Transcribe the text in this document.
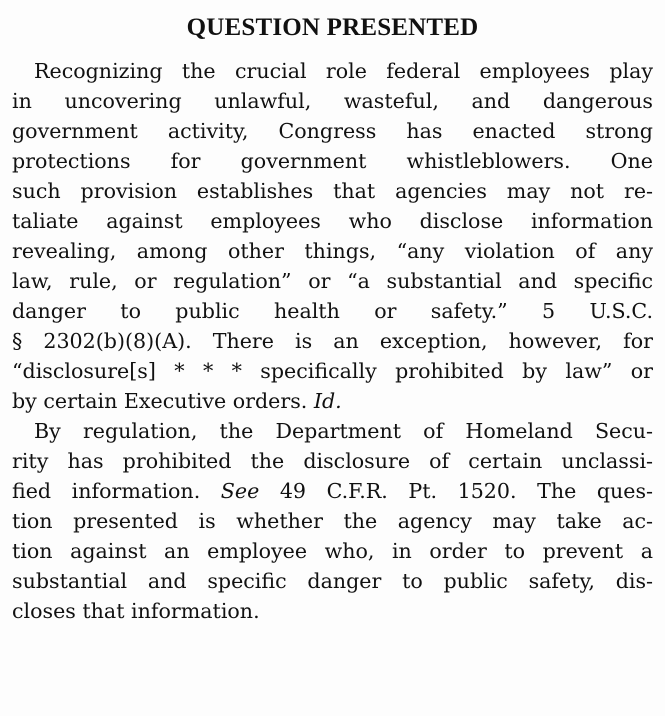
QUESTION PRESENTED
Recognizing the crucial role federal employees play
in uncovering unlawful, wasteful, and dangerous
government activity, Congress has enacted strong
protections for government whistleblowers. One
such provision establishes that agencies may not re-
taliate against employees who disclose information
revealing, among other things, “any violation of any
law, rule, or regulation” or “a substantial and specific
danger to public health or safety.” 5 U.S.C.
§ 2302(b)(8)(A). There is an exception, however, for
“disclosure[s] * * * specifically prohibited by law” or
by certain Executive orders. Id.
By regulation, the Department of Homeland Secu-
rity has prohibited the disclosure of certain unclassi-
fied information. See 49 C.F.R. Pt. 1520. The ques-
tion presented is whether the agency may take ac-
tion against an employee who, in order to prevent a
substantial and specific danger to public safety, dis-
closes that information.
